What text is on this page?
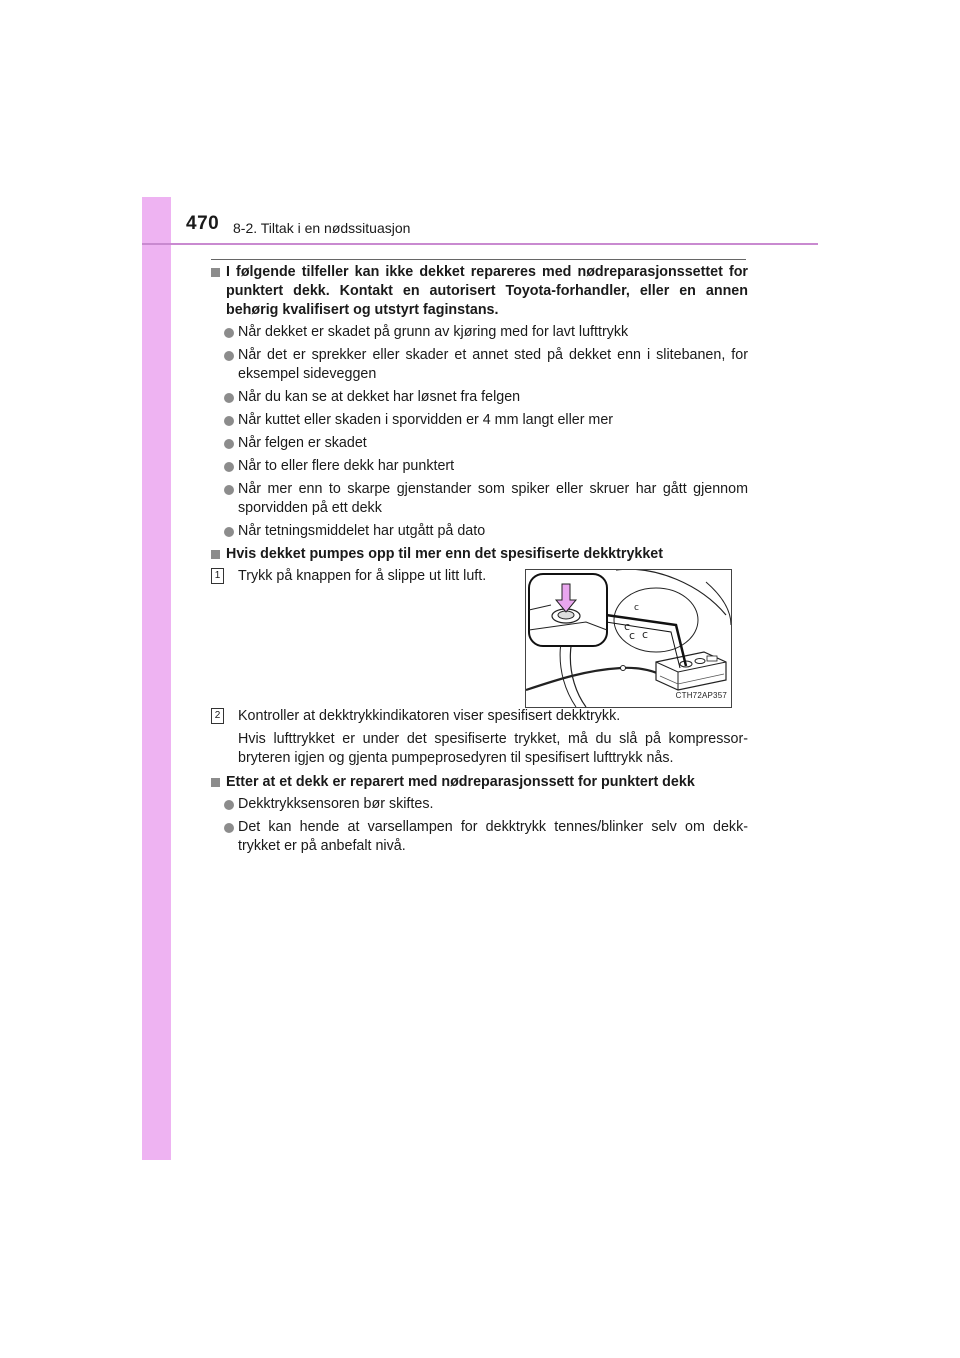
470 8-2. Tiltak i en nødssituasjon
I følgende tilfeller kan ikke dekket repareres med nødreparasjonssettet for punktert dekk. Kontakt en autorisert Toyota-forhandler, eller en annen behørig kvalifisert og utstyrt faginstans.
Når dekket er skadet på grunn av kjøring med for lavt lufttrykk
Når det er sprekker eller skader et annet sted på dekket enn i slitebanen, for eksempel sideveggen
Når du kan se at dekket har løsnet fra felgen
Når kuttet eller skaden i sporvidden er 4 mm langt eller mer
Når felgen er skadet
Når to eller flere dekk har punktert
Når mer enn to skarpe gjenstander som spiker eller skruer har gått gjennom sporvidden på ett dekk
Når tetningsmiddelet har utgått på dato
Hvis dekket pumpes opp til mer enn det spesifiserte dekktrykket
1 Trykk på knappen for å slippe ut litt luft.
c
c c
c
CTH72AP357
2 Kontroller at dekktrykkindikatoren viser spesifisert dekktrykk.
Hvis lufttrykket er under det spesifiserte trykket, må du slå på kompressor-bryteren igjen og gjenta pumpeprosedyren til spesifisert lufttrykk nås.
Etter at et dekk er reparert med nødreparasjonssett for punktert dekk
Dekktrykksensoren bør skiftes.
Det kan hende at varsellampen for dekktrykk tennes/blinker selv om dekk-trykket er på anbefalt nivå.
